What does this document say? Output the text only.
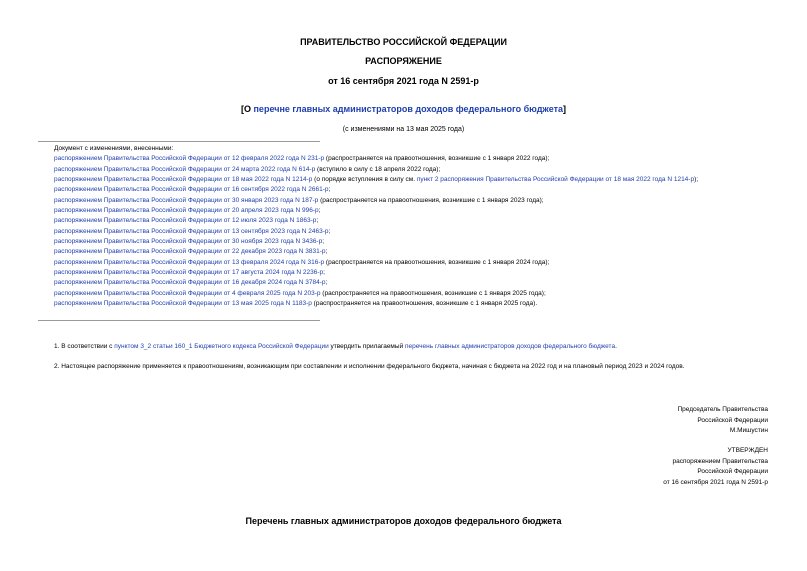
ПРАВИТЕЛЬСТВО РОССИЙСКОЙ ФЕДЕРАЦИИ
РАСПОРЯЖЕНИЕ
от 16 сентября 2021 года N 2591-р
[О перечне главных администраторов доходов федерального бюджета]
(с изменениями на 13 мая 2025 года)
Документ с изменениями, внесенными:
распоряжением Правительства Российской Федерации от 12 февраля 2022 года N 231-р (распространяется на правоотношения, возникшие с 1 января 2022 года);
распоряжением Правительства Российской Федерации от 24 марта 2022 года N 614-р (вступило в силу с 18 апреля 2022 года);
распоряжением Правительства Российской Федерации от 18 мая 2022 года N 1214-р (о порядке вступления в силу см. пункт 2 распоряжения Правительства Российской Федерации от 18 мая 2022 года N 1214-р);
распоряжением Правительства Российской Федерации от 16 сентября 2022 года N 2661-р;
распоряжением Правительства Российской Федерации от 30 января 2023 года N 187-р (распространяется на правоотношения, возникшие с 1 января 2023 года);
распоряжением Правительства Российской Федерации от 20 апреля 2023 года N 996-р;
распоряжением Правительства Российской Федерации от 12 июля 2023 года N 1863-р;
распоряжением Правительства Российской Федерации от 13 сентября 2023 года N 2463-р;
распоряжением Правительства Российской Федерации от 30 ноября 2023 года N 3436-р;
распоряжением Правительства Российской Федерации от 22 декабря 2023 года N 3831-р;
распоряжением Правительства Российской Федерации от 13 февраля 2024 года N 316-р (распространяется на правоотношения, возникшие с 1 января 2024 года);
распоряжением Правительства Российской Федерации от 17 августа 2024 года N 2236-р;
распоряжением Правительства Российской Федерации от 16 декабря 2024 года N 3784-р;
распоряжением Правительства Российской Федерации от 4 февраля 2025 года N 203-р (распространяется на правоотношения, возникшие с 1 января 2025 года);
распоряжением Правительства Российской Федерации от 13 мая 2025 года N 1183-р (распространяется на правоотношения, возникшие с 1 января 2025 года).
1. В соответствии с пунктом 3_2 статьи 160_1 Бюджетного кодекса Российской Федерации утвердить прилагаемый перечень главных администраторов доходов федерального бюджета.
2. Настоящее распоряжение применяется к правоотношениям, возникающим при составлении и исполнении федерального бюджета, начиная с бюджета на 2022 год и на плановый период 2023 и 2024 годов.
Председатель Правительства
Российской Федерации
М.Мишустин
УТВЕРЖДЕН
распоряжением Правительства
Российской Федерации
от 16 сентября 2021 года N 2591-р
Перечень главных администраторов доходов федерального бюджета
